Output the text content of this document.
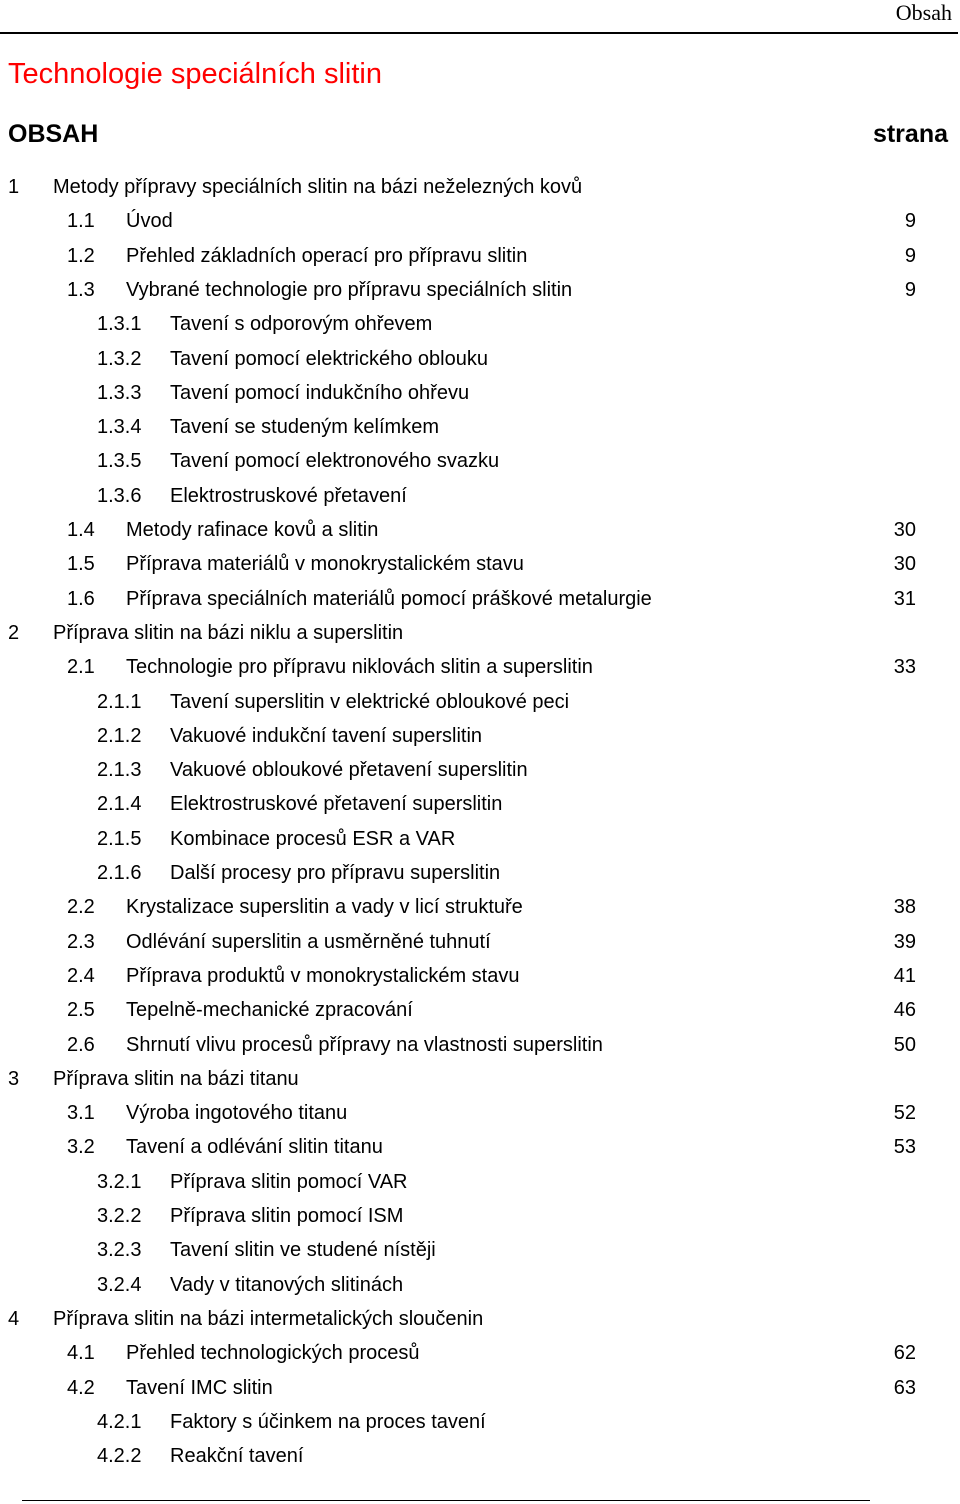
Obsah
Technologie speciálních slitin
OBSAH	strana
1 Metody přípravy speciálních slitin na bázi neželezných kovů
1.1 Úvod	9
1.2 Přehled základních operací pro přípravu slitin	9
1.3 Vybrané technologie pro přípravu speciálních slitin	9
1.3.1 Tavení s odporovým ohřevem
1.3.2 Tavení pomocí elektrického oblouku
1.3.3 Tavení pomocí indukčního ohřevu
1.3.4 Tavení se studeným kelímkem
1.3.5 Tavení pomocí elektronového svazku
1.3.6 Elektrostruskové přetavení
1.4 Metody rafinace kovů a slitin	30
1.5 Příprava materiálů v monokrystalickém stavu	30
1.6 Příprava speciálních materiálů pomocí práškové metalurgie	31
2 Příprava slitin na bázi niklu a superslitin
2.1 Technologie pro přípravu niklovách slitin a superslitin	33
2.1.1 Tavení superslitin v elektrické obloukové peci
2.1.2 Vakuové indukční tavení superslitin
2.1.3 Vakuové obloukové přetavení superslitin
2.1.4 Elektrostruskové přetavení superslitin
2.1.5 Kombinace procesů ESR a VAR
2.1.6 Další procesy pro přípravu superslitin
2.2 Krystalizace superslitin a vady v licí struktuře	38
2.3 Odlévání superslitin a usměrněné tuhnutí	39
2.4 Příprava produktů v monokrystalickém stavu	41
2.5 Tepelně-mechanické zpracování	46
2.6 Shrnutí vlivu procesů přípravy na vlastnosti superslitin	50
3 Příprava slitin na bázi titanu
3.1 Výroba ingotového titanu	52
3.2 Tavení a odlévání slitin titanu	53
3.2.1 Příprava slitin pomocí VAR
3.2.2 Příprava slitin pomocí ISM
3.2.3 Tavení slitin ve studené nístěji
3.2.4 Vady v titanových slitinách
4 Příprava slitin na bázi intermetalických sloučenin
4.1 Přehled technologických procesů	62
4.2 Tavení IMC slitin	63
4.2.1 Faktory s účinkem na proces tavení
4.2.2 Reakční tavení
